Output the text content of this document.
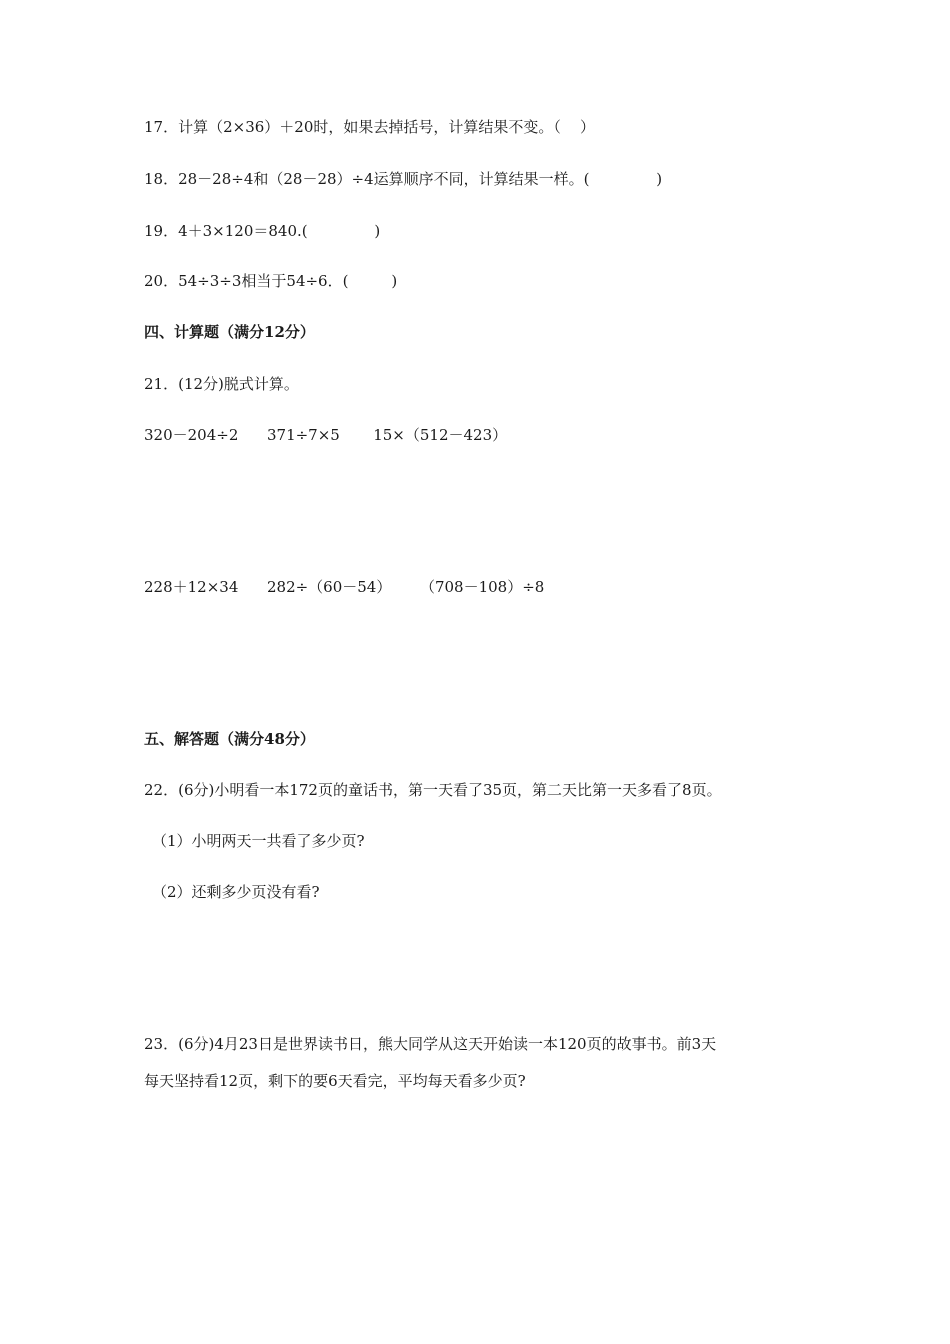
17．计算（2×36）＋20时，如果去掉括号，计算结果不变。（    ）
18．28－28÷4和（28－28）÷4运算顺序不同，计算结果一样。(              )
19．4＋3×120＝840.(              )
20．54÷3÷3相当于54÷6．(         )
四、计算题（满分12分）
21．(12分)脱式计算。
320－204÷2      371÷7×5       15×（512－423）
228＋12×34      282÷（60－54）      （708－108）÷8
五、解答题（满分48分）
22．(6分)小明看一本172页的童话书，第一天看了35页，第二天比第一天多看了8页。
（1）小明两天一共看了多少页?
（2）还剩多少页没有看?
23．(6分)4月23日是世界读书日，熊大同学从这天开始读一本120页的故事书。前3天
每天坚持看12页，剩下的要6天看完，平均每天看多少页?
